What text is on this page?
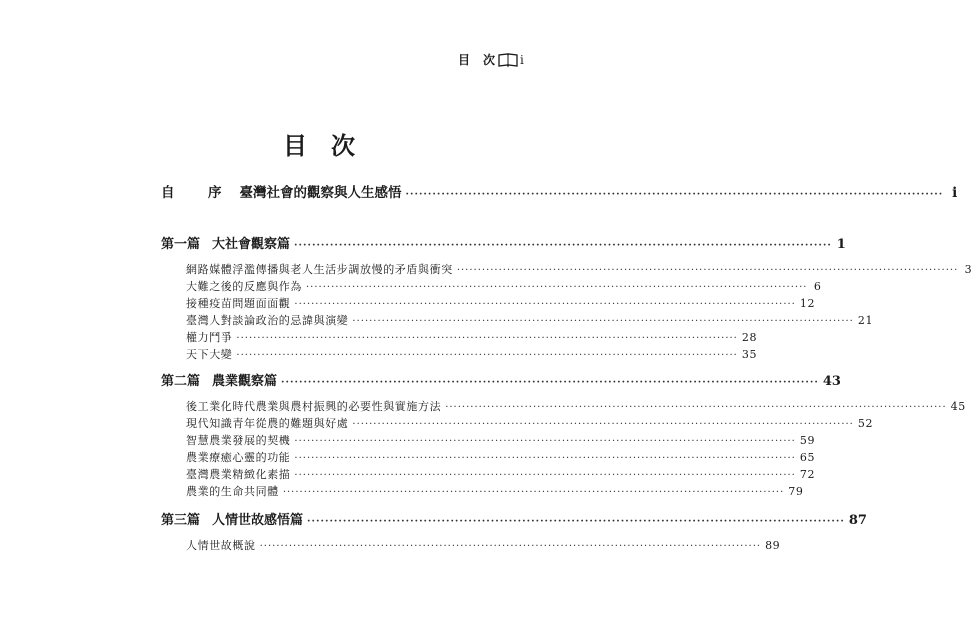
目 次 i
目 次
自　序 臺灣社會的觀察與人生感悟 ························································································································ i
第一篇 大社會觀察篇 ························································································································ 1
網路媒體浮濫傳播與老人生活步調放慢的矛盾與衝突 ························································································································ 3
大難之後的反應與作為 ························································································································ 6
接種疫苗問題面面觀 ························································································································ 12
臺灣人對談論政治的忌諱與演變 ························································································································ 21
權力鬥爭 ························································································································ 28
天下大變 ························································································································ 35
第二篇 農業觀察篇 ························································································································ 43
後工業化時代農業與農村振興的必要性與實施方法 ························································································································ 45
現代知識青年從農的難題與好處 ························································································································ 52
智慧農業發展的契機 ························································································································ 59
農業療癒心靈的功能 ························································································································ 65
臺灣農業精緻化素描 ························································································································ 72
農業的生命共同體 ························································································································ 79
第三篇 人情世故感悟篇 ························································································································ 87
人情世故概說 ························································································································ 89
